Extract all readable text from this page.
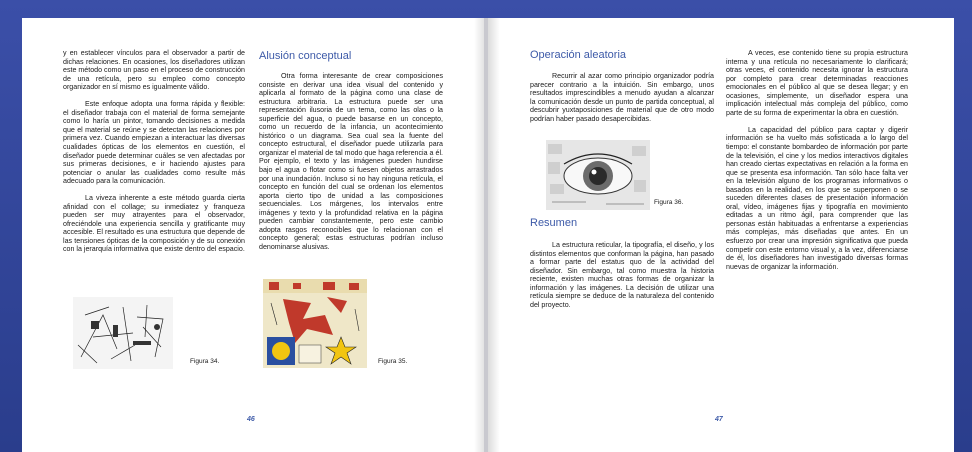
y en establecer vínculos para el observador a partir de dichas relaciones. En ocasiones, los diseñadores utilizan este método como un paso en el proceso de construcción de una retícula, pero su empleo como concepto organizador en sí mismo es igualmente válido.

Este enfoque adopta una forma rápida y flexible: el diseñador trabaja con el material de forma semejante como lo haría un pintor, tomando decisiones a medida que el material se reúne y se detectan las relaciones por primera vez. Cuando empiezan a interactuar las diversas cualidades ópticas de los elementos en cuestión, el diseñador puede determinar cuáles se ven afectadas por sus primeras decisiones, e ir haciendo ajustes para potenciar o anular las cualidades como resulte más adecuado para la comunicación.

La viveza inherente a este método guarda cierta afinidad con el collage; su inmediatez y franqueza pueden ser muy atrayentes para el observador, ofreciéndole una experiencia sencilla y gratificante muy accesible. El resultado es una estructura que depende de las tensiones ópticas de la composición y de su conexión con la jerarquía informativa que existe dentro del espacio.

Figura 34.
Alusión conceptual

Otra forma interesante de crear composiciones consiste en derivar una idea visual del contenido y aplicarla al formato de la página como una clase de estructura arbitraria. La estructura puede ser una representación ilusoria de un tema, como las olas o la superficie del agua, o puede basarse en un concepto, como un recuerdo de la infancia, un acontecimiento histórico o un diagrama. Sea cual sea la fuente del concepto estructural, el diseñador puede utilizarla para organizar el material de tal modo que haga referencia a él. Por ejemplo, el texto y las imágenes pueden hundirse bajo el agua o flotar como si fuesen objetos arrastrados por una inundación. Incluso si no hay ninguna retícula, el concepto en función del cual se ordenan los elementos aporta cierto tipo de unidad a las composiciones secuenciales. Los márgenes, los intervalos entre imágenes y texto y la profundidad relativa en la página pueden cambiar constantemente, pero este cambio adopta rasgos reconocibles que lo relacionan con el concepto general; estas estructuras podrían incluso denominarse alusivas.

Figura 35.
46
Operación aleatoria

Recurrir al azar como principio organizador podría parecer contrario a la intuición. Sin embargo, unos resultados imprescindibles a menudo ayudan a alcanzar la comunicación desde un punto de partida conceptual, al descubrir yuxtaposiciones de material que de otro modo podrían haber pasado desapercibidas.

Figura 36.
Resumen

La estructura reticular, la tipografía, el diseño, y los distintos elementos que conforman la página, han pasado a formar parte del estatus quo de la actividad del diseñador. Sin embargo, tal como muestra la historia reciente, existen muchas otras formas de organizar la información y las imágenes. La decisión de utilizar una retícula siempre se deduce de la naturaleza del contenido del proyecto.

A veces, ese contenido tiene su propia estructura interna y una retícula no necesariamente lo clarificará; otras veces, el contenido necesita ignorar la estructura por completo para crear determinadas reacciones emocionales en el público al que se desea llegar; y en ocasiones, simplemente, un diseñador espera una implicación intelectual más compleja del público, como parte de su forma de experimentar la obra en cuestión.

La capacidad del público para captar y digerir información se ha vuelto más sofisticada a lo largo del tiempo: el constante bombardeo de información por parte de la televisión, el cine y los medios interactivos digitales han creado ciertas expectativas en relación a la forma en que se presenta esa información. Tan sólo hace falta ver en la televisión alguno de los programas informativos o basados en la realidad, en los que se superponen o se suceden diferentes clases de presentación información oral, vídeo, imágenes fijas y tipografía en movimiento editadas a un ritmo ágil, para comprender que las personas están habituadas a enfrentarse a experiencias más complejas, más diseñadas que antes. En un esfuerzo por crear una impresión significativa que pueda competir con este entorno visual y, a la vez, diferenciarse de él, los diseñadores han investigado diversas formas nuevas de organizar la información.

47
